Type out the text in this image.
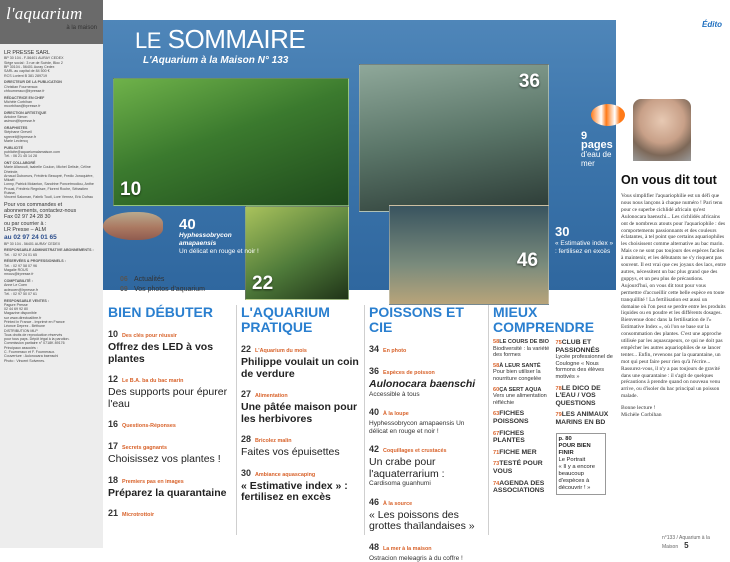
l'aquarium
à la maison

LR PRESSE SARL

BP 30 104 - F-56401 AURAY CEDEX

Siège social : 3 rue de Suède, Bloc 2

BP 30104 - 56401 Auray Cedex

SARL au capital de 84 500 €

RCS Lorient B 381 289719

DIRECTEUR DE LA PUBLICATION

Christian Fourneraux

chfourneraux@lrpresse.fr

RÉDACTRICE EN CHEF

Michèle Corbihan

mcorbihan@lrpresse.fr

DIRECTION ARTISTIQUE

Antoine Simon

asimon@lrpresse.fr

GRAPHISTES

Stéphane Greveil

sgreveil@lrpresse.fr

Marie Leclercq

PUBLICITÉ

publicite@aquariumalamaison.com

Tél. : 06 21 45 14 28

ONT COLLABORÉ

Marie Allanoult, Isabelle Coulon, Michel Delisle, Céline Dheinde,

Arnaud Duboeurs, Frédéric Beaupré, Fredic Joncquière, Mikaël

Lonny, Patrick Molanton, Sandrine Poncetmodiou, Anthe

Proust, Frédéric Regnisze, Florent Roche, Sébastien Ruisse,

Vincent Saloman, Fabrik Toutl, Lore Vernez, Eric Dufrau

Pour vos commandes et

abonnements, contactez-nous

Fax 02 97 24 28 30

ou par courrier à :

LR Presse – ALM

au 02 97 24 01 65

BP 30 104 - 56401 AURAY CEDEX

RESPONSABLE ADMINISTRATIVE ABONNEMENTS :

Tél. : 02 97 24 01 65

RÉSERVÉES & PROFESSIONNELS :

Tél. : 02 97 58 07 96

Magalie ROUS

mrous@lrpresse.fr

COMPTABILITÉ :

Anne Le Coen

aclecoen@lrpresse.fr

Tél. : 02 97 50 07 61

RESPONSABLE VENTES :

Pagure Presse

02 44 69 92 80

Magazine disponible

sur www.directoalibre.fr

Printed in France - Imprimé en France

Léonce Deprez - Béthune

DISTRIBUTION MLP

Tous droits de reproduction réservés

pour tous pays. Dépôt légal à la parution.

Commission paritaire n° 0718K 89176

Principaux associés :

C. Fourneraux et F. Fourneraux.

Couverture : Aulonocara baenschi

Photo : Vincent Solvenes.

LE SOMMAIRE
L'Aquarium à la Maison N° 133
10
36
22
46
40
Hyphessobrycon amapaensis
Un délicat en rouge et noir !
9 pages
d'eau de mer
30
« Estimative index » : fertilisez en excès
06 Actualités
09 Vos photos d'aquarium
BIEN DÉBUTER
10 Des clés pour réussir
Offrez des LED à vos plantes
12 Le B.A. ba du bac marin
Des supports pour épurer l'eau
16 Questions-Réponses
17 Secrets gagnants
Choisissez vos plantes !
18 Premiers pas en images
Préparez la quarantaine
21 Microtrottoir
L'AQUARIUM PRATIQUE
22 L'Aquarium du mois
Philippe voulait un coin de verdure
27 Alimentation
Une pâtée maison pour les herbivores
28 Bricolez malin
Faites vos épuisettes
30 Ambiance aquascaping
« Estimative index » : fertilisez en excès
POISSONS ET CIE
34 En photo
36 Espèces de poisson
Aulonocara baenschi
Accessible à tous
40 À la loupe
Hyphessobrycon amapaensis Un délicat en rouge et noir !
42 Coquillages et crustacés
Un crabe pour l'aquaterrarium :
Cardisoma guanhumi
46 À la source
« Les poissons des grottes thaïlandaises »
48 La mer à la maison
Ostracion meleagris à du coffre !
MIEUX COMPRENDRE
58LE COURS DE BIO
Biodiversité : la variété des formes
58À LEUR SANTÉ
Pour bien utiliser la nourriture congelée
60ÇA SERT AQUA
Vers une alimentation réfléchie
63FICHES POISSONS
67FICHES PLANTES
71FICHE MER
73TESTÉ POUR VOUS
74AGENDA DES ASSOCIATIONS
75CLUB ET PASSIONNÉS
Lycée professionnel de Coulogne « Nous formons des élèves motivés »
78LE DICO DE L'EAU / VOS QUESTIONS
79LES ANIMAUX MARINS EN BD
p. 80
POUR BIEN FINIR
Le Portrait
« Il y a encore beaucoup d'espèces à découvrir ! »
Édito
On vous dit tout
Vous simplifier l'aquariophilie est un défi que nous nous lançons à chaque numéro ! Pari tenu pour ce superbe cichlidé africain qu'est Aulonocara baenschi... Les cichlidés africains ont de nombreux atouts pour l'aquariophile : des comportements passionnants et des couleurs éclatantes, à tel point que certains aquariophiles les choisissent comme alternative au bac marin. Mais ce ne sont pas toujours des espèces faciles à maintenir, et les débutants ne s'y risquent pas souvent. Il est vrai que ces joyaux des lacs, entre autres, nécessitent un bac plus grand que des guppys, et un peu plus de précautions. Aujourd'hui, on vous dit tout pour vous permettre d'accueillir cette belle espèce en toute tranquillité ! La fertilisation est aussi un domaine où l'on peut se perdre entre les produits liquides ou en poudre et les différents dosages. Bienvenue donc dans la fertilisation de l'« Estimative Index », où l'on se base sur la consommation des plantes. C'est une approche utilisée par les aquascapeurs, ce qui ne doit pas empêcher les autres aquariophiles de se lancer tenter... Enfin, revenons par la quarantaine, un mot qui peut faire peur rien qu'à l'écrire... Rassurez-vous, il n'y a pas toujours de gravité dans une quarantaine : il s'agit de quelques précautions à prendre quand on nouveau venu arrive, ou d'isoler du bac principal un poisson malade.
Bonne lecture !
Michèle Corbihan
n°133 / Aquarium à la Maison 5
